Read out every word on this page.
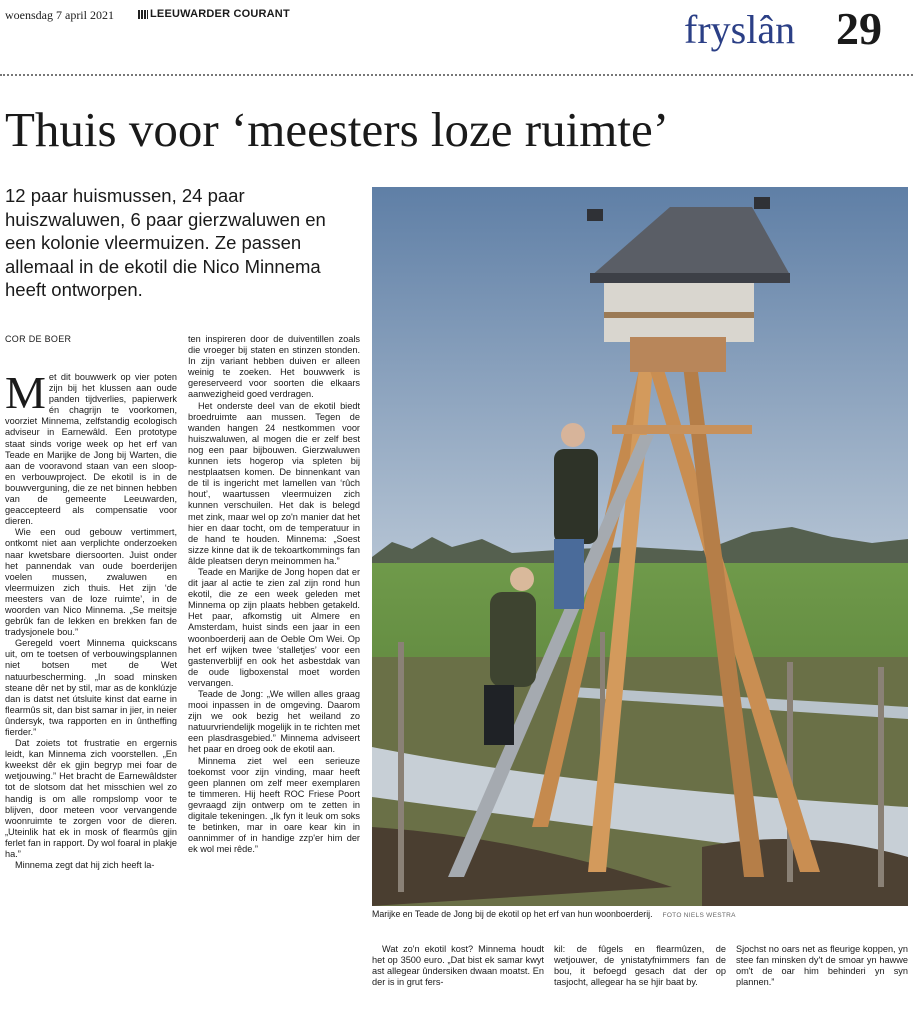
woensdag 7 april 2021	LEEUWARDER COURANT	fryslân 29
Thuis voor ‘meesters loze ruimte’
12 paar huismussen, 24 paar huiszwaluwen, 6 paar gierzwaluwen en een kolonie vleermuizen. Ze passen allemaal in de ekotil die Nico Minnema heeft ontworpen.
COR DE BOER

Met dit bouwwerk op vier poten zijn bij het klussen aan oude panden tijdverlies, papierwerk én chagrijn te voorkomen, voorziet Minnema, zelfstandig ecologisch adviseur in Earnewâld. Een prototype staat sinds vorige week op het erf van Teade en Marijke de Jong bij Warten, die aan de vooravond staan van een sloop- en verbouwproject. De ekotil is in de bouwverguning, die ze net binnen hebben van de gemeente Leeuwarden, geaccepteerd als compensatie voor dieren.

Wie een oud gebouw vertimmert, ontkomt niet aan verplichte onderzoeken naar kwetsbare diersoorten. Juist onder het pannendak van oude boerderijen voelen mussen, zwaluwen en vleermuizen zich thuis. Het zijn ‘de meesters van de loze ruimte’, in de woorden van Nico Minnema. „Se meitsje gebrûk fan de lekken en brekken fan de tradysjonele bou.”

Geregeld voert Minnema quickscans uit, om te toetsen of verbouwingsplannen niet botsen met de Wet natuurbescherming. „In soad minsken steane dêr net by stil, mar as de konklúzje dan is datst net útsluite kinst dat earne in flearmûs sit, dan bist samar in jier, in neier ûndersyk, twa rapporten en in ûntheffing fierder.”

Dat zoiets tot frustratie en ergernis leidt, kan Minnema zich voorstellen. „En kweekst dêr ek gjin begryp mei foar de wetjouwing.” Het bracht de Earnewâldster tot de slotsom dat het misschien wel zo handig is om alle rompslomp voor te blijven, door meteen voor vervangende woonruimte te zorgen voor de dieren. „Uteinlik hat ek in mosk of flearmûs gjin ferlet fan in rapport. Dy wol foaral in plakje ha.”

Minnema zegt dat hij zich heeft la-

ten inspireren door de duiventillen zoals die vroeger bij staten en stinzen stonden. In zijn variant hebben duiven er alleen weinig te zoeken. Het bouwwerk is gereserveerd voor soorten die elkaars aanwezigheid goed verdragen.

Het onderste deel van de ekotil biedt broedruimte aan mussen. Tegen de wanden hangen 24 nestkommen voor huiszwaluwen, al mogen die er zelf best nog een paar bijbouwen. Gierzwaluwen kunnen iets hogerop via spleten bij nestplaatsen komen. De binnenkant van de til is ingericht met lamellen van ‘rûch hout’, waartussen vleermuizen zich kunnen verschuilen. Het dak is belegd met zink, maar wel op zo'n manier dat het hier en daar tocht, om de temperatuur in de hand te houden. Minnema: „Soest sizze kinne dat ik de tekoartkommings fan âlde pleatsen deryn meinommen ha.”

Teade en Marijke de Jong hopen dat er dit jaar al actie te zien zal zijn rond hun ekotil, die ze een week geleden met Minnema op zijn plaats hebben getakeld. Het paar, afkomstig uit Almere en Amsterdam, huist sinds een jaar in een woonboerderij aan de Oeble Om Wei. Op het erf wijken twee ‘stalletjes’ voor een gastenverblijf en ook het asbestdak van de oude ligboxenstal moet worden vervangen.

Teade de Jong: „We willen alles graag mooi inpassen in de omgeving. Daarom zijn we ook bezig het weiland zo natuurvriendelijk mogelijk in te richten met een plasdrasgebied.” Minnema adviseert het paar en droeg ook de ekotil aan.

Minnema ziet wel een serieuze toekomst voor zijn vinding, maar heeft geen plannen om zelf meer exemplaren te timmeren. Hij heeft ROC Friese Poort gevraagd zijn ontwerp om te zetten in digitale tekeningen. „Ik fyn it leuk om soks te betinken, mar in oare kear kin in oannimmer of in handige zzp'er him der ek wol mei rêde.”

Marijke en Teade de Jong bij de ekotil op het erf van hun woonboerderij. FOTO NIELS WESTRA

Wat zo'n ekotil kost? Minnema houdt het op 3500 euro. „Dat bist ek samar kwyt ast allegear ûndersiken dwaan moatst. En der is in grut fers-

kil: de fûgels en flearmûzen, de wetjouwer, de ynistatyfnimmers fan de bou, it befoegd gesach dat der op tasjocht, allegear ha se hjir baat by.

Sjochst no oars net as fleurige koppen, yn stee fan minsken dy't de smoar yn hawwe om't de oar him behinderi yn syn plannen.”
